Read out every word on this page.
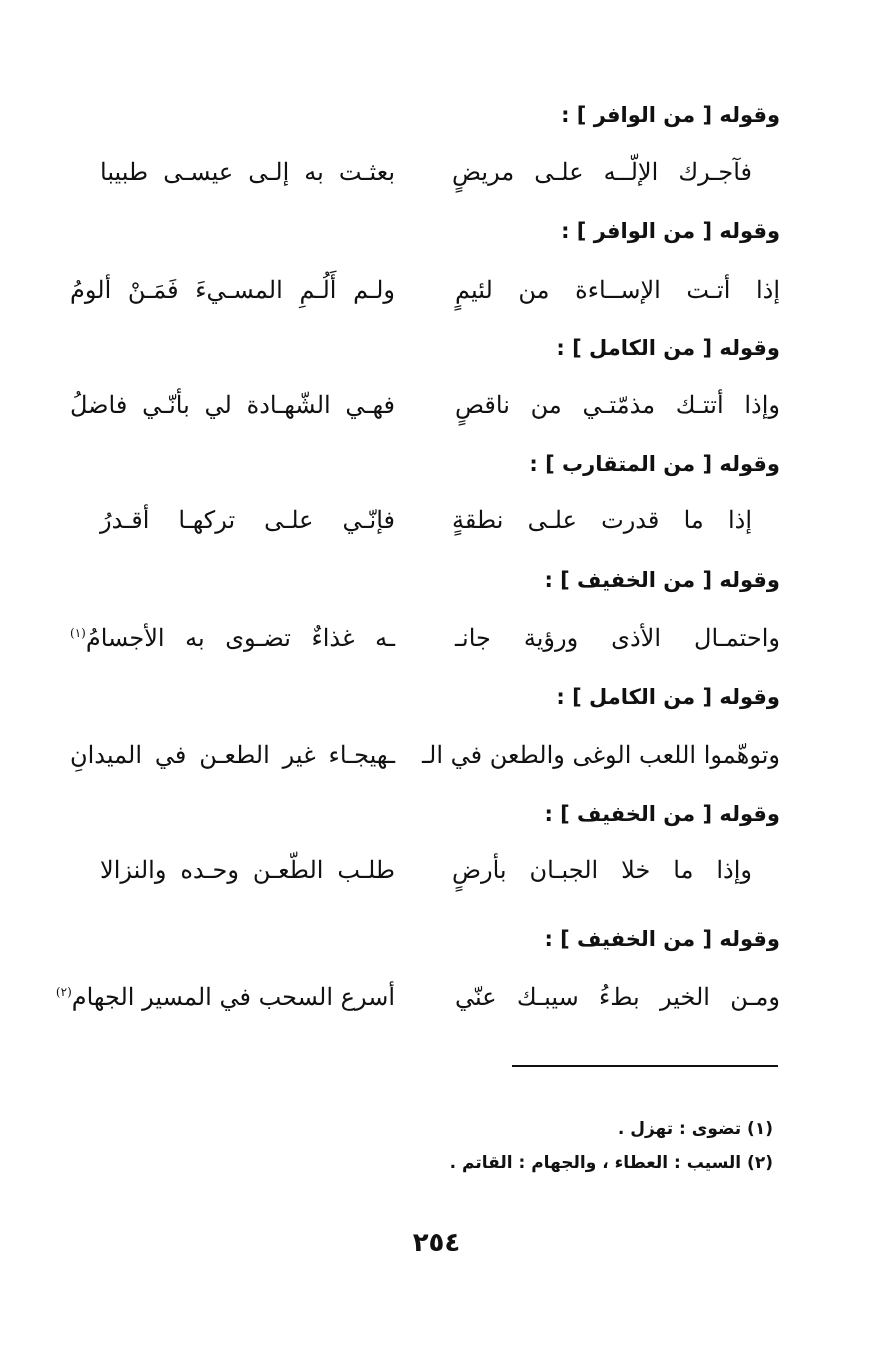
وقوله [ من الوافر ] :
فآجـرك الإلّــه علـى مريضٍ
بعثـت به إلـى عيسـى طبيبا
وقوله [ من الوافر ] :
إذا أتـت الإســاءة من لئيمٍ
ولـم أَلُـمِ المسـيءَ فَمَـنْ ألومُ
وقوله [ من الكامل ] :
وإذا أتتـك مذمّتـي من ناقصٍ
فهـي الشّهـادة لي بأنّـي فاضلُ
وقوله [ من المتقارب ] :
إذا ما قدرت علـى نطقةٍ
فإنّـي علـى تركهـا أقـدرُ
وقوله [ من الخفيف ] :
واحتمـال الأذى ورؤية جانـ
ـه غذاءٌ تضـوى به الأجسامُ$^{(١)}$
وقوله [ من الكامل ] :
وتوهّموا اللعب الوغى والطعن في الـ
ـهيجـاء غير الطعـن في الميدانِ
وقوله [ من الخفيف ] :
وإذا ما خلا الجبـان بأرضٍ
طلـب الطّعـن وحـده والنزالا
وقوله [ من الخفيف ] :
ومـن الخير بطءُ سيبـك عنّي
أسرع السحب في المسير الجهام$^{(٢)}$
(١) تضوى : تهزل .
(٢) السيب : العطاء ، والجهام : القاتم .
٢٥٤
